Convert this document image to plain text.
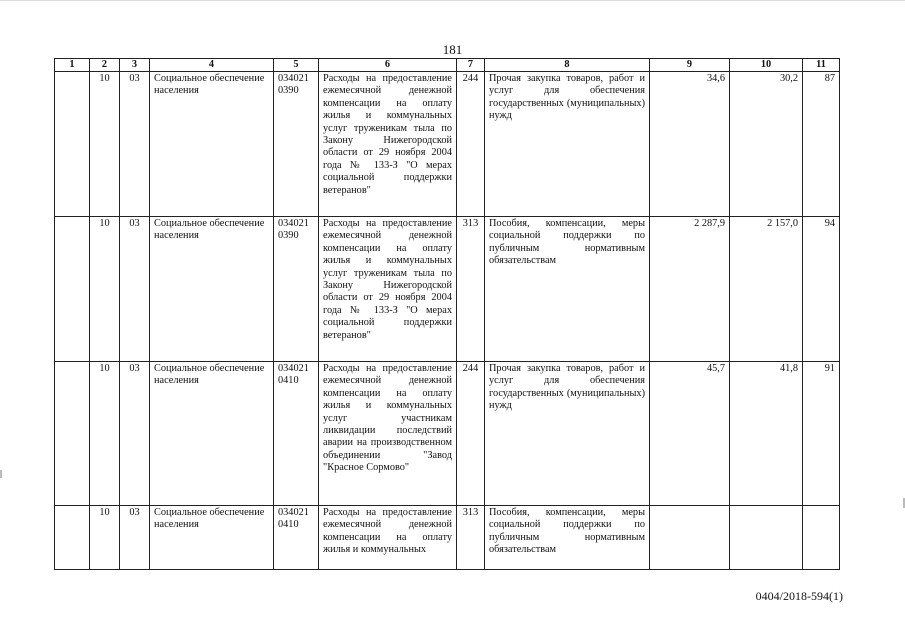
181
1	2	3	4	5	6	7	8	9	10	11
	10	03	Социальное обеспечение населения	034021 0390	Расходы на предоставление ежемесячной денежной компенсации на оплату жилья и коммунальных услуг труженикам тыла по Закону Нижегородской области от 29 ноября 2004 года № 133-З "О мерах социальной поддержки ветеранов"	244	Прочая закупка товаров, работ и услуг для обеспечения государственных (муниципальных) нужд	34,6	30,2	87
	10	03	Социальное обеспечение населения	034021 0390	Расходы на предоставление ежемесячной денежной компенсации на оплату жилья и коммунальных услуг труженикам тыла по Закону Нижегородской области от 29 ноября 2004 года № 133-З "О мерах социальной поддержки ветеранов"	313	Пособия, компенсации, меры социальной поддержки по публичным нормативным обязательствам	2 287,9	2 157,0	94
	10	03	Социальное обеспечение населения	034021 0410	Расходы на предоставление ежемесячной денежной компенсации на оплату жилья и коммунальных услуг участникам ликвидации последствий аварии на производственном объединении "Завод "Красное Сормово"	244	Прочая закупка товаров, работ и услуг для обеспечения государственных (муниципальных) нужд	45,7	41,8	91
	10	03	Социальное обеспечение населения	034021 0410	Расходы на предоставление ежемесячной денежной компенсации на оплату жилья и коммунальных	313	Пособия, компенсации, меры социальной поддержки по публичным нормативным обязательствам			
0404/2018-594(1)
